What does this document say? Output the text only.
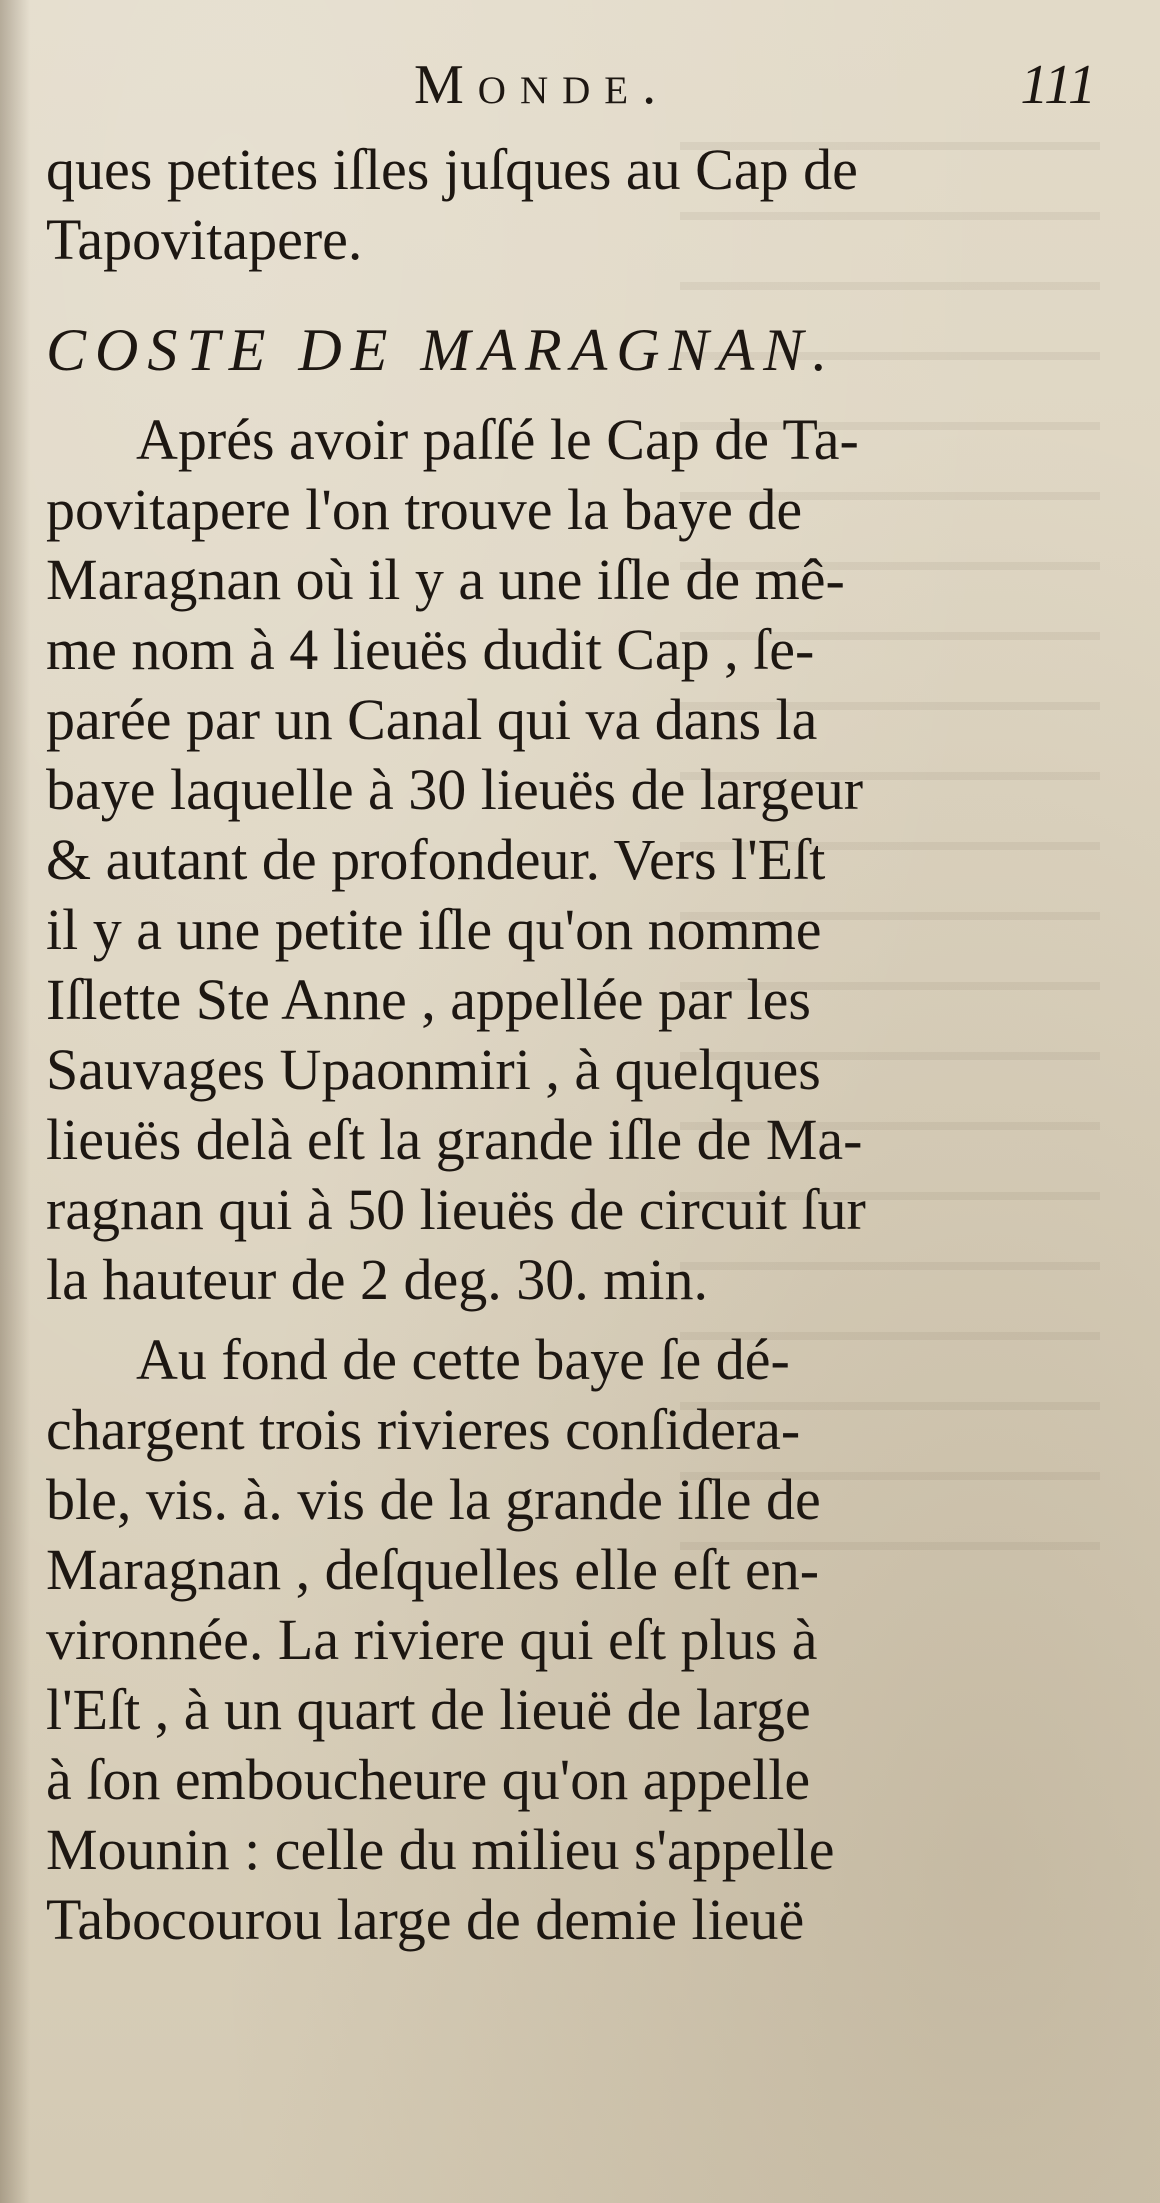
Monde.	111
ques petites iſles juſques au Cap de
Tapovitapere.
COSTE DE MARAGNAN.
Aprés avoir paſſé le Cap de Ta-
povitapere l'on trouve la baye de
Maragnan où il y a une iſle de mê-
me nom à 4 lieuës dudit Cap , ſe-
parée par un Canal qui va dans la
baye laquelle à 30 lieuës de largeur
& autant de profondeur. Vers l'Eſt
il y a une petite iſle qu'on nomme
Iſlette Ste Anne , appellée par les
Sauvages Upaonmiri , à quelques
lieuës delà eſt la grande iſle de Ma-
ragnan qui à 50 lieuës de circuit ſur
la hauteur de 2 deg. 30. min.
Au fond de cette baye ſe dé-
chargent trois rivieres conſidera-
ble, vis. à. vis de la grande iſle de
Maragnan , deſquelles elle eſt en-
vironnée. La riviere qui eſt plus à
l'Eſt , à un quart de lieuë de large
à ſon emboucheure qu'on appelle
Mounin : celle du milieu s'appelle
Tabocourou large de demie lieuë
